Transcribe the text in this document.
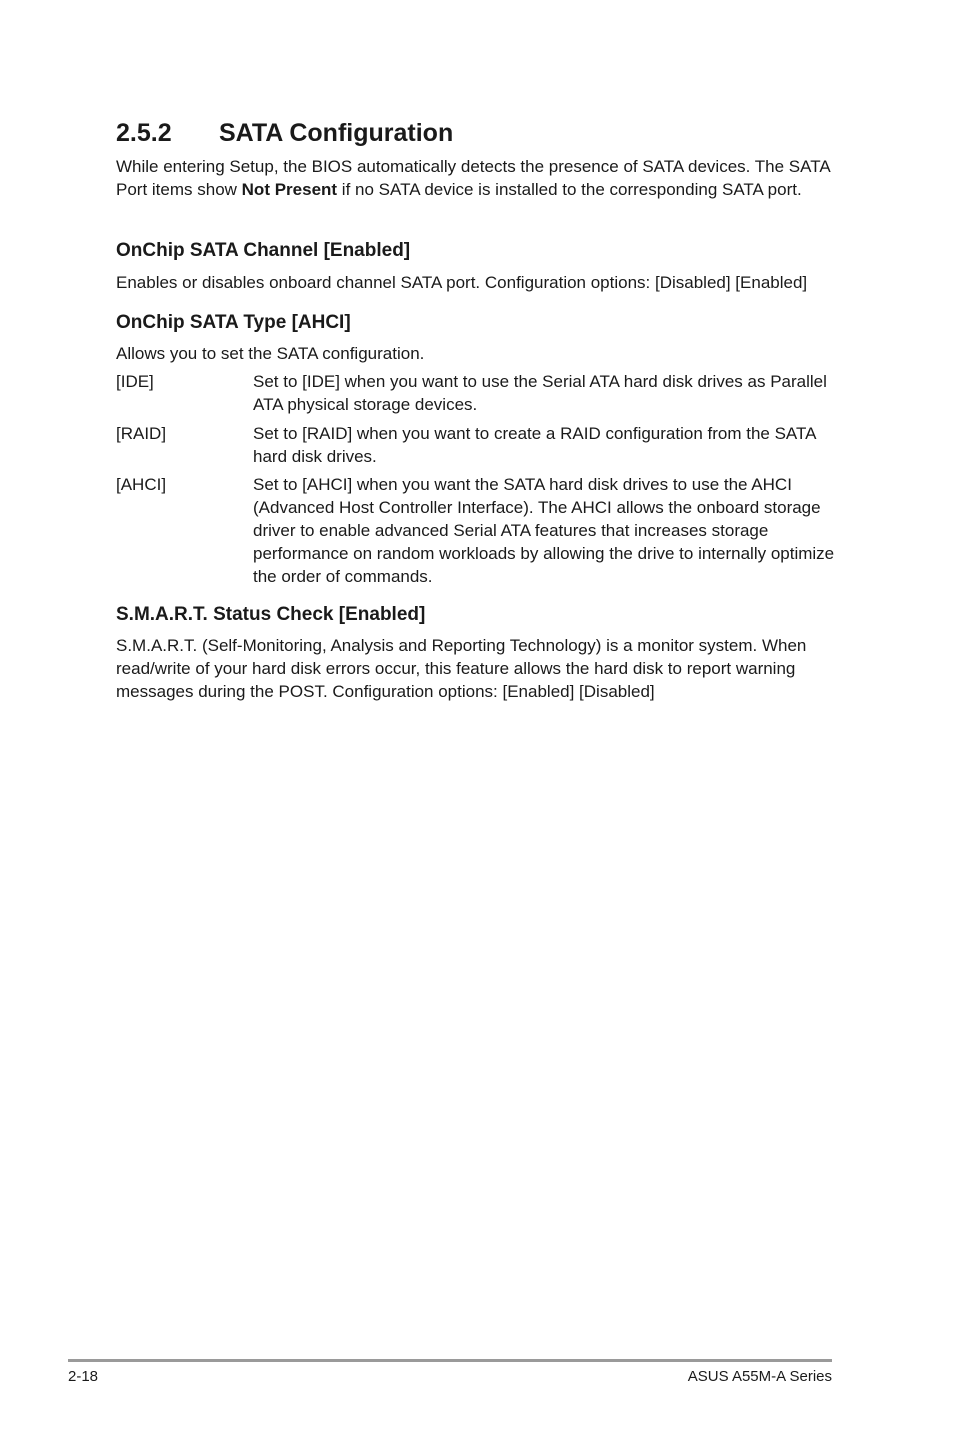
2.5.2 SATA Configuration

While entering Setup, the BIOS automatically detects the presence of SATA devices. The SATA Port items show Not Present if no SATA device is installed to the corresponding SATA port.

OnChip SATA Channel [Enabled]

Enables or disables onboard channel SATA port. Configuration options: [Disabled] [Enabled]

OnChip SATA Type [AHCI]

Allows you to set the SATA configuration.

[IDE]	Set to [IDE] when you want to use the Serial ATA hard disk drives as Parallel ATA physical storage devices.
[RAID]	Set to [RAID] when you want to create a RAID configuration from the SATA hard disk drives.
[AHCI]	Set to [AHCI] when you want the SATA hard disk drives to use the AHCI (Advanced Host Controller Interface). The AHCI allows the onboard storage driver to enable advanced Serial ATA features that increases storage performance on random workloads by allowing the drive to internally optimize the order of commands.
S.M.A.R.T. Status Check [Enabled]

S.M.A.R.T. (Self-Monitoring, Analysis and Reporting Technology) is a monitor system. When read/write of your hard disk errors occur, this feature allows the hard disk to report warning messages during the POST. Configuration options: [Enabled] [Disabled]

2-18	ASUS A55M-A Series
